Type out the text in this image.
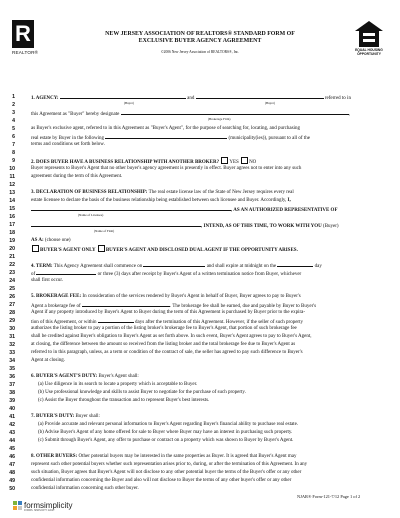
R
REALTOR®
NEW JERSEY ASSOCIATION OF REALTORS® STANDARD FORM OF
EXCLUSIVE BUYER AGENCY AGREEMENT
©2006 New Jersey Association of REALTORS®, Inc.	EQUAL HOUSING
OPPORTUNITY
1	1. AGENCY:	and	referred to in
2	(Buyer)	(Buyer)
3	this Agreement as "Buyer" hereby designate	,
4	(Brokerage Firm)
5	as Buyer's exclusive agent, referred to in this Agreement as "Buyer's Agent", for the purpose of searching for, locating, and purchasing
6	real estate by Buyer in the following	(municipality(ies)), pursuant to all of the
7	terms and conditions set forth below.
8
9	2. DOES BUYER HAVE A BUSINESS RELATIONSHIP WITH ANOTHER BROKER? YES NO
10	Buyer represents to Buyer's Agent that no other buyer's agency agreement is presently in effect. Buyer agrees not to enter into any such
11	agreement during the term of this Agreement.
12
13	3. DECLARATION OF BUSINESS RELATIONSHIP: The real estate license law of the State of New Jersey requires every real
14	estate licensee to declare the basis of the business relationship being established between such licensee and Buyer. Accordingly, I,
15	, AS AN AUTHORIZED REPRESENTATIVE OF
16	(Name of Licensee)
17	, INTEND, AS OF THIS TIME, TO WORK WITH YOU (Buyer)
18	(Name of Firm)
19	AS A: (choose one)
20	BUYER'S AGENT ONLY BUYER'S AGENT AND DISCLOSED DUAL AGENT IF THE OPPORTUNITY ARISES.
21
22	4. TERM: This Agency Agreement shall commence on	and shall expire at midnight on the	day
23	of	or three (3) days after receipt by Buyer's Agent of a written termination notice from Buyer, whichever
24	shall first occur.
25
26	5. BROKERAGE FEE: In consideration of the services rendered by Buyer's Agent in behalf of Buyer, Buyer agrees to pay to Buyer's
27	Agent a brokerage fee of	. The brokerage fee shall be earned, due and payable by Buyer to Buyer's
28	Agent if any property introduced by Buyer's Agent to Buyer during the term of this Agreement is purchased by Buyer prior to the expira-
29	tion of this Agreement, or within	days after the termination of this Agreement. However, if the seller of such property
30	authorizes the listing broker to pay a portion of the listing broker's brokerage fee to Buyer's Agent, that portion of such brokerage fee
31	shall be credited against Buyer's obligation to Buyer's Agent as set forth above. In such event, Buyer's Agent agrees to pay to Buyer's Agent,
32	at closing, the difference between the amount so received from the listing broker and the total brokerage fee due to Buyer's Agent as
33	referred to in this paragraph, unless, as a term or condition of the contract of sale, the seller has agreed to pay such difference to Buyer's
34	Agent at closing.
35
36	6. BUYER'S AGENT'S DUTY: Buyer's Agent shall:
37	(a) Use diligence in its search to locate a property which is acceptable to Buyer.
38	(b) Use professional knowledge and skills to assist Buyer to negotiate for the purchase of such property.
39	(c) Assist the Buyer throughout the transaction and to represent Buyer's best interests.
40
41	7. BUYER'S DUTY: Buyer shall:
42	(a) Provide accurate and relevant personal information to Buyer's Agent regarding Buyer's financial ability to purchase real estate.
43	(b) Advise Buyer's Agent of any home offered for sale to Buyer where Buyer may have an interest in purchasing such property.
44	(c) Submit through Buyer's Agent, any offer to purchase or contract on a property which was shown to Buyer by Buyer's Agent.
45
46	8. OTHER BUYERS: Other potential buyers may be interested in the same properties as Buyer. It is agreed that Buyer's Agent may
47	represent such other potential buyers whether such representation arises prior to, during, or after the termination of this Agreement. In any
48	such situation, Buyer agrees that Buyer's Agent will not disclose to any other potential buyer the terms of the Buyer's offer or any other
49	confidential information concerning the Buyer and also will not disclose to Buyer the terms of any other buyer's offer or any other
50	confidential information concerning such other buyer.
NJAR® Form-121-7/12 Page 1 of 2
formsimplicity
FORMS. SIMPLICITY. EASY.
